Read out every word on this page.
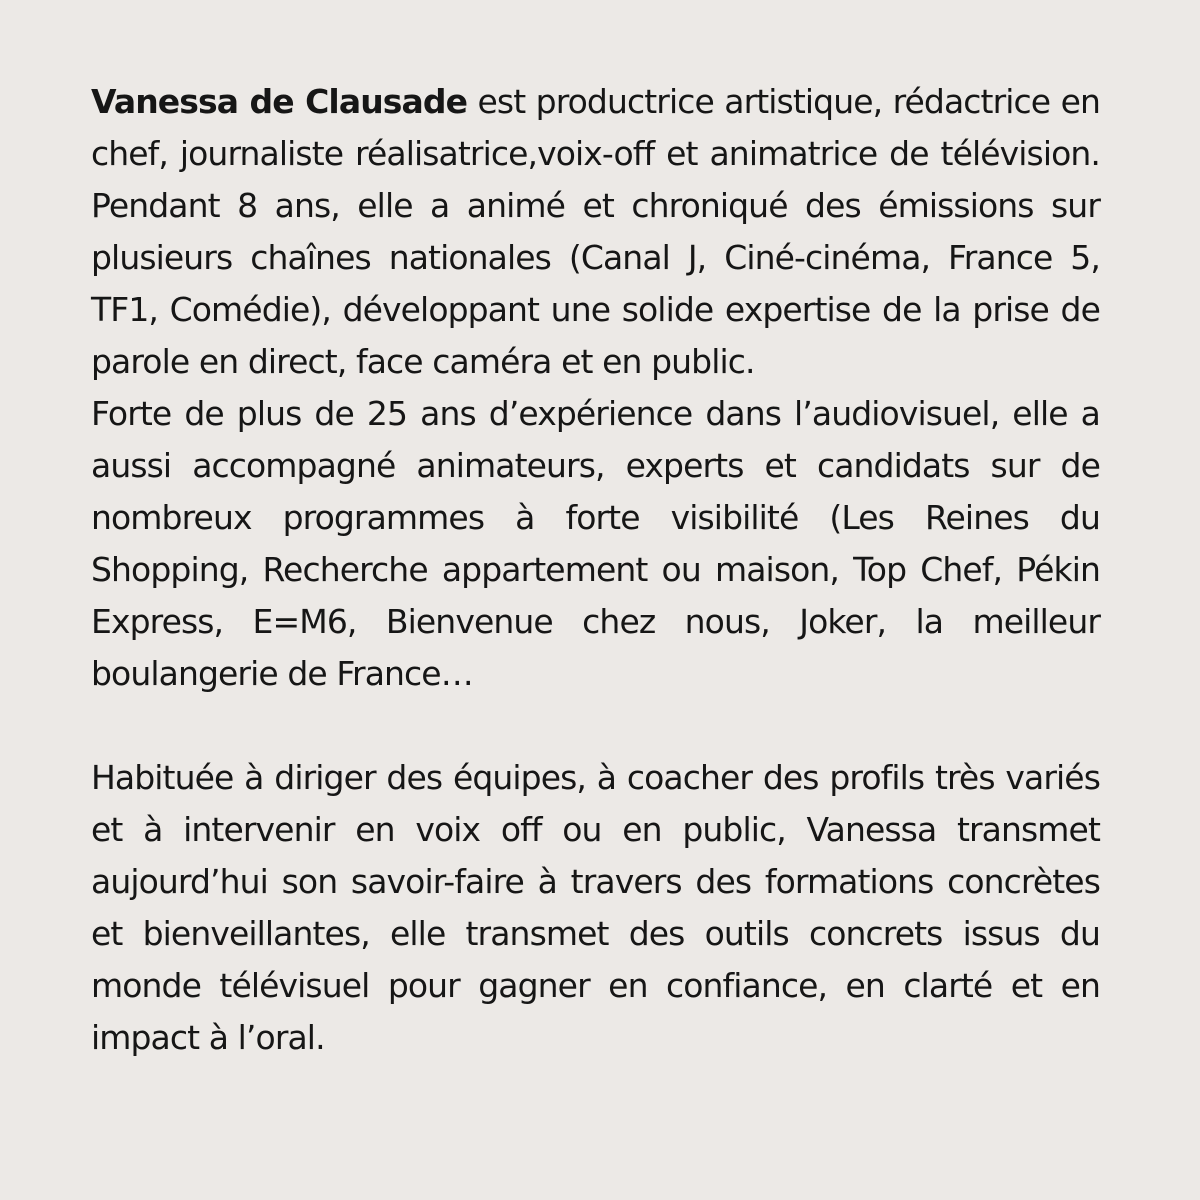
Vanessa de Clausade est productrice artistique, rédactrice en chef, journaliste réalisatrice,voix-off et animatrice de télévision. Pendant 8 ans, elle a animé et chroniqué des émissions sur plusieurs chaînes nationales (Canal J, Ciné-cinéma, France 5, TF1, Comédie), développant une solide expertise de la prise de parole en direct, face caméra et en public.

Forte de plus de 25 ans d’expérience dans l’audiovisuel, elle a aussi accompagné animateurs, experts et candidats sur de nombreux programmes à forte visibilité (Les Reines du Shopping, Recherche appartement ou maison, Top Chef, Pékin Express, E=M6, Bienvenue chez nous, Joker, la meilleur boulangerie de France…

Habituée à diriger des équipes, à coacher des profils très variés et à intervenir en voix off ou en public, Vanessa transmet aujourd’hui son savoir-faire à travers des formations concrètes et bienveillantes, elle transmet des outils concrets issus du monde télévisuel pour gagner en confiance, en clarté et en impact à l’oral.
